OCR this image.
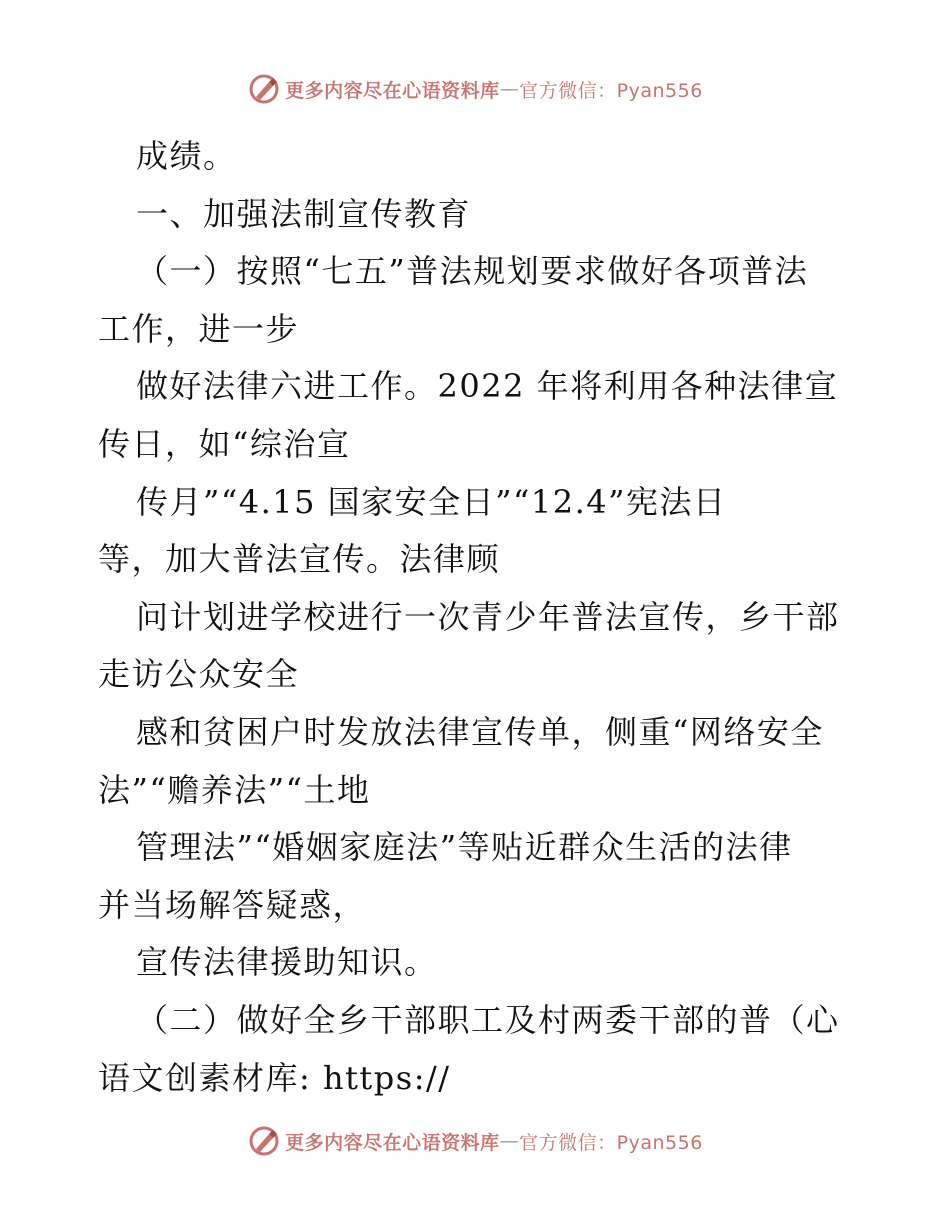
更多内容尽在心语资料库 — 官方微信：Pyan556
成绩。
一、加强法制宣传教育
（一）按照“七五”普法规划要求做好各项普法
工作，进一步
做好法律六进工作。2022 年将利用各种法律宣
传日，如“综治宣
传月”“4.15 国家安全日”“12.4”宪法日
等，加大普法宣传。法律顾
问计划进学校进行一次青少年普法宣传，乡干部
走访公众安全
感和贫困户时发放法律宣传单，侧重“网络安全
法”“赡养法”“土地
管理法”“婚姻家庭法”等贴近群众生活的法律
并当场解答疑惑，
宣传法律援助知识。
（二）做好全乡干部职工及村两委干部的普（心
语文创素材库: https://
更多内容尽在心语资料库 — 官方微信：Pyan556
